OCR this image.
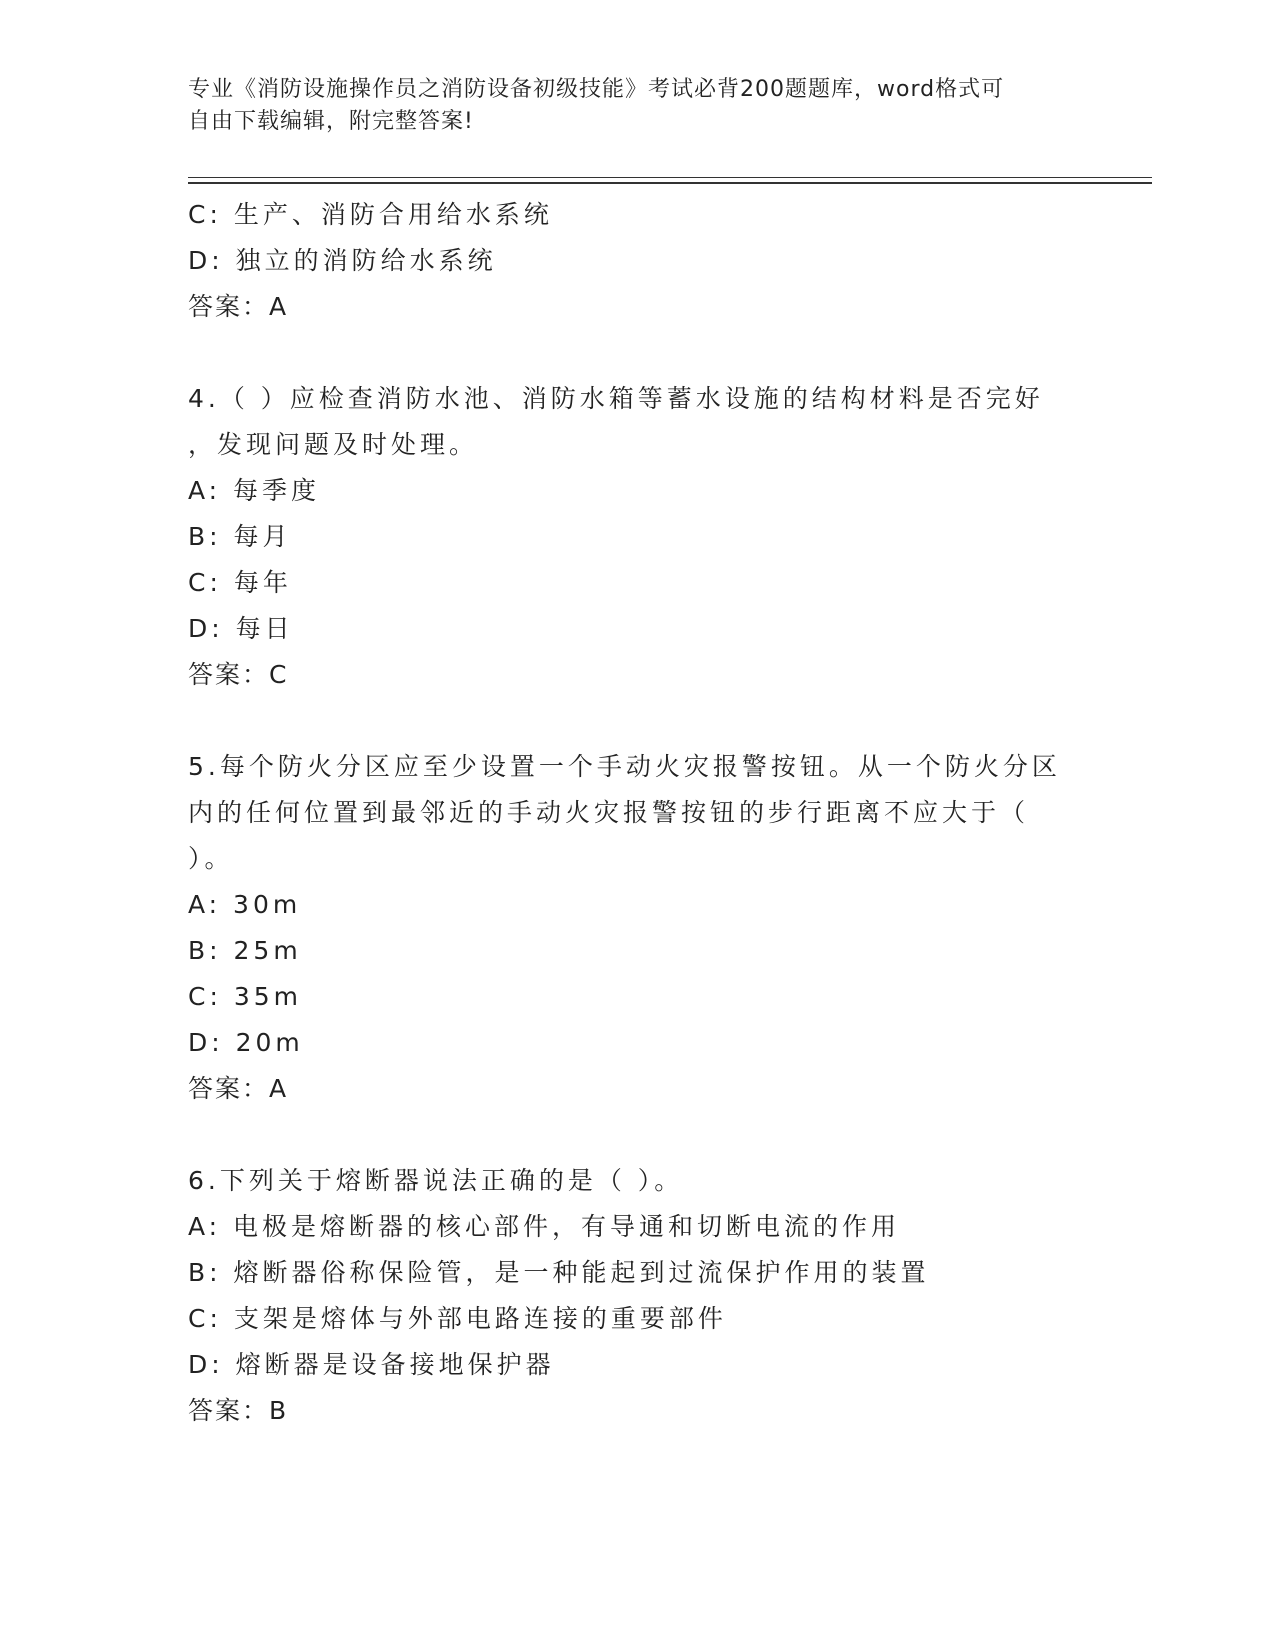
专业《消防设施操作员之消防设备初级技能》考试必背200题题库，word格式可
自由下载编辑，附完整答案!
C: 生产、消防合用给水系统
D: 独立的消防给水系统
答案：A
4.（ ）应检查消防水池、消防水箱等蓄水设施的结构材料是否完好
，发现问题及时处理。
A: 每季度
B: 每月
C: 每年
D: 每日
答案：C
5.每个防火分区应至少设置一个手动火灾报警按钮。从一个防火分区
内的任何位置到最邻近的手动火灾报警按钮的步行距离不应大于（
）。
A: 30m
B: 25m
C: 35m
D: 20m
答案：A
6.下列关于熔断器说法正确的是（ ）。
A: 电极是熔断器的核心部件，有导通和切断电流的作用
B: 熔断器俗称保险管，是一种能起到过流保护作用的装置
C: 支架是熔体与外部电路连接的重要部件
D: 熔断器是设备接地保护器
答案：B
